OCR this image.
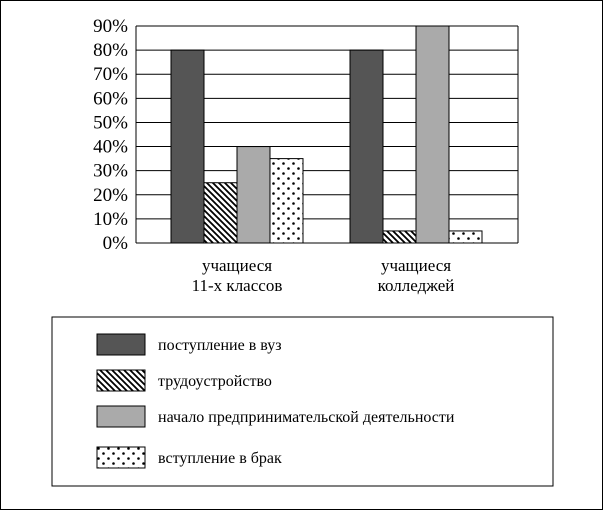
0%
10%
20%
30%
40%
50%
60%
70%
80%
90%
учащиеся
11-х классов
учащиеся
колледжей
поступление в вуз
трудоустройство
начало предпринимательской деятельности
вступление в брак
